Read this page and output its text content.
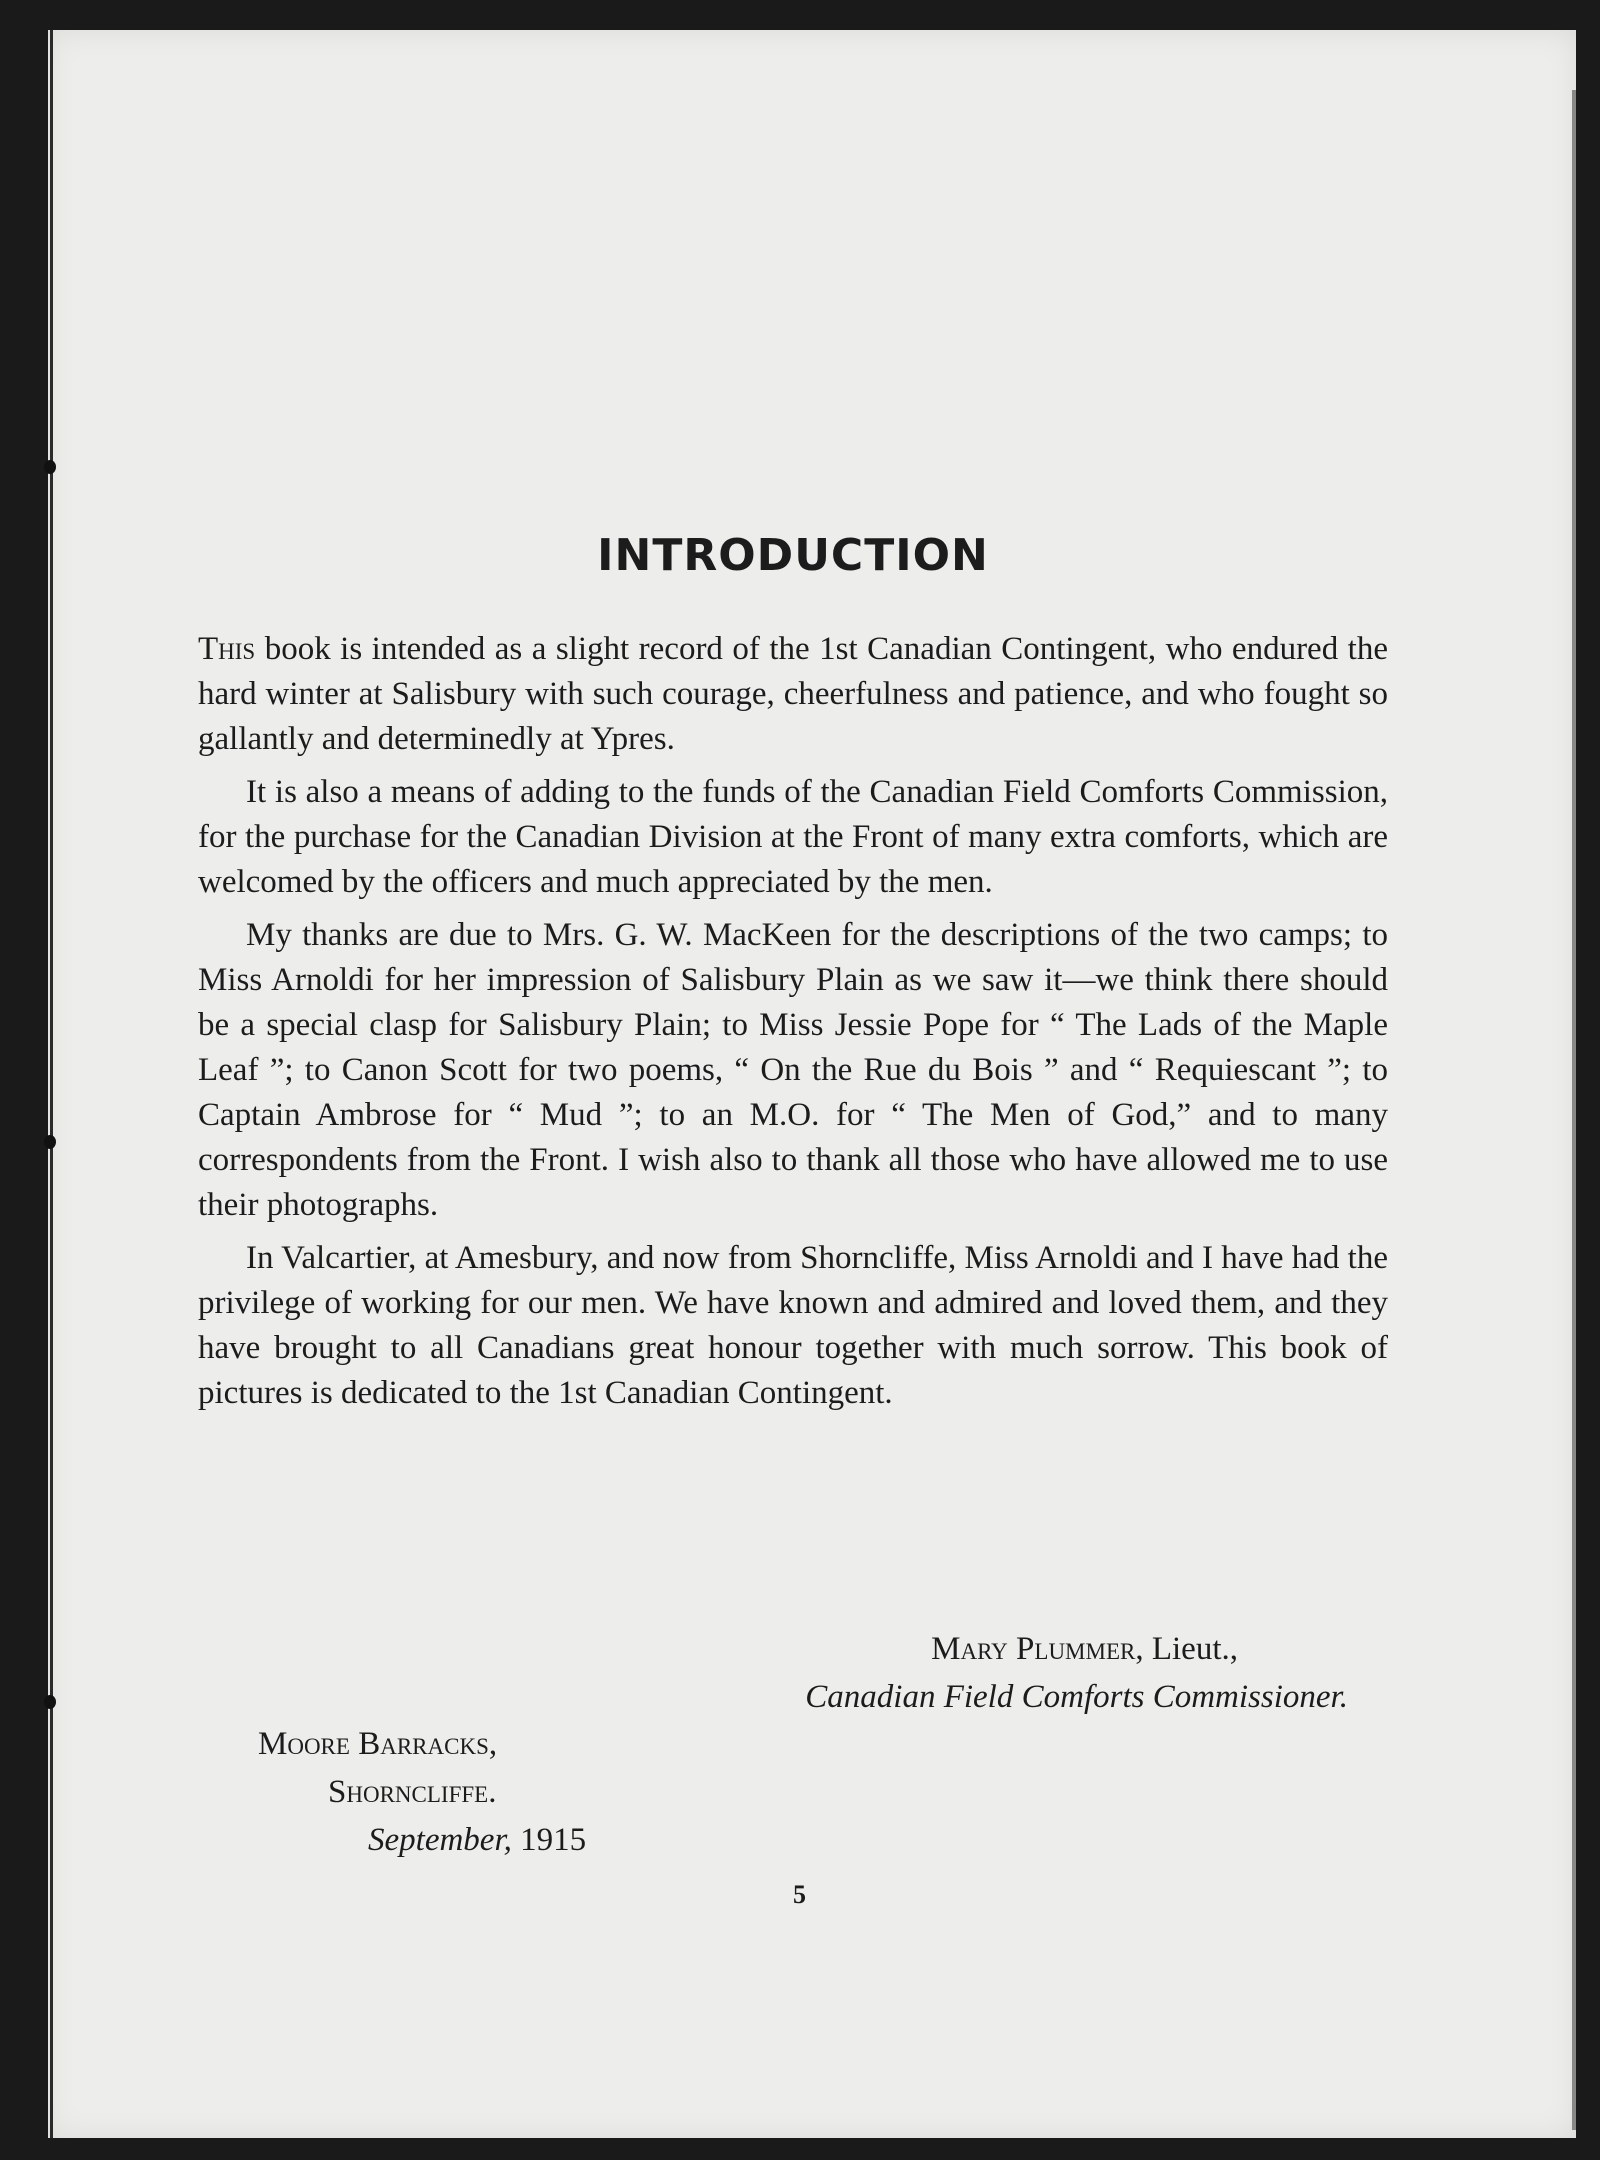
INTRODUCTION

This book is intended as a slight record of the 1st Canadian Contingent, who endured the hard winter at Salisbury with such courage, cheerfulness and patience, and who fought so gallantly and determinedly at Ypres.

It is also a means of adding to the funds of the Canadian Field Comforts Commission, for the purchase for the Canadian Division at the Front of many extra comforts, which are welcomed by the officers and much appreciated by the men.

My thanks are due to Mrs. G. W. MacKeen for the descriptions of the two camps; to Miss Arnoldi for her impression of Salisbury Plain as we saw it—we think there should be a special clasp for Salisbury Plain; to Miss Jessie Pope for “ The Lads of the Maple Leaf ”; to Canon Scott for two poems, “ On the Rue du Bois ” and “ Requiescant ”; to Captain Ambrose for “ Mud ”; to an M.O. for “ The Men of God,” and to many correspondents from the Front. I wish also to thank all those who have allowed me to use their photographs.

In Valcartier, at Amesbury, and now from Shorncliffe, Miss Arnoldi and I have had the privilege of working for our men. We have known and admired and loved them, and they have brought to all Canadians great honour together with much sorrow. This book of pictures is dedicated to the 1st Canadian Contingent.

Mary Plummer, Lieut.,
Canadian Field Comforts Commissioner.
Moore Barracks,
Shorncliffe.
September, 1915
5
